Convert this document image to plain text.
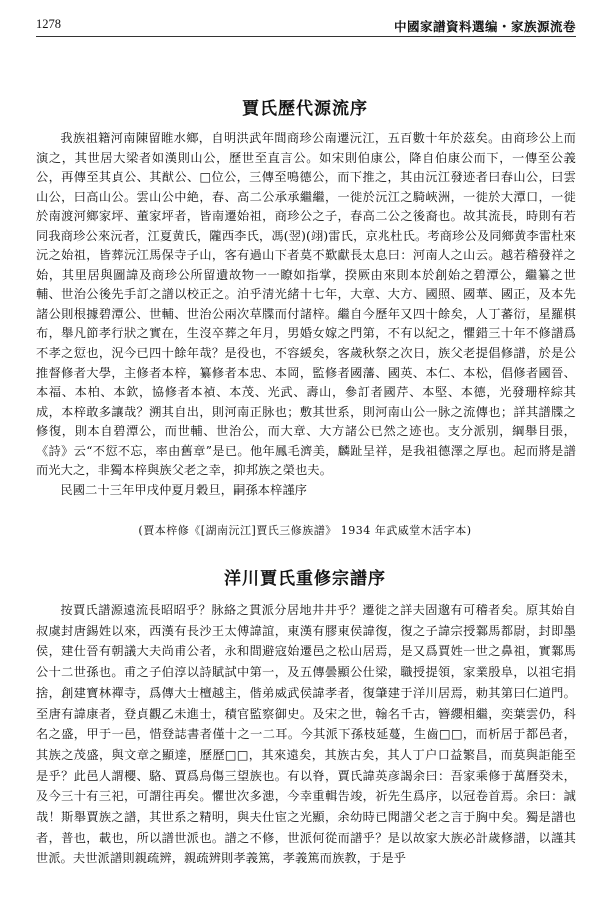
1278	中國家譜資料選编・家族源流卷
賈氏歷代源流序

我族祖籍河南陳留睢水鄉，自明洪武年間商珍公南遷沅江，五百數十年於茲矣。由商珍公上而演之，其世居大梁者如漢則山公，歷世至直言公。如宋則伯康公，降自伯康公而下，一傳至公義公，再傳至其貞公、其猷公、□位公，三傳至鳴德公，而下推之，其由沅江發迹者曰春山公，曰雲山公，曰高山公。雲山公中絶，春、高二公承承繼繼，一徙於沅江之騎峽洲，一徙於大潭口，一徙於南渡河鄉家坪、董家坪者，皆南遷始祖，商珍公之子，春高二公之後裔也。故其流長，時則有若同我商珍公來沅者，江夏黄氏，隴西李氏，馮(翌)(翊)雷氏，京兆杜氏。考商珍公及同鄉黄李雷杜來沅之始祖，皆葬沅江馬保寺子山，客有過山下者莫不歎獻長太息曰：河南人之山云。越若稽發祥之始，其里居與圖諱及商珍公所留遺故物一一瞭如指掌，揆厥由來則本於創始之碧潭公，繼纂之世輔、世治公後先手訂之譜以校正之。泊乎清光緒十七年，大章、大方、國照、國華、國正，及本先諸公則根據碧潭公、世輔、世治公兩次草牒而付諸梓。繼自今歷年又四十餘矣，人丁蕃衍，星羅棋布，舉凡節孝行狀之實在，生沒卒葬之年月，男婚女嫁之門第，不有以紀之，懼錯三十年不修譜爲不孝之愆也，況今已四十餘年哉？是役也，不容緩矣，客歲秋祭之次日，族父老提倡修譜，於是公推督修者大學，主修者本梓，纂修者本忠、本岡，監修者國藩、國英、本仁、本松，倡修者國晉、本福、本柏、本欽，協修者本禎、本茂、光武、壽山，參訂者國芹、本堅、本德，光發珊梓綜其成，本梓敢多讓哉？溯其自出，則河南正脉也；敷其世系，則河南山公一脉之流傳也；詳其譜牒之修復，則本自碧潭公，而世輔、世治公，而大章、大方諸公已然之迹也。支分派别，綱舉目張，《詩》云“不愆不忘，率由舊章”是已。他年鳳毛濟美，麟趾呈祥，是我祖德澤之厚也。起而將是譜而光大之，非獨本梓與族父老之幸，抑邦族之榮也夫。

民國二十三年甲戌仲夏月穀旦，嗣孫本梓謹序

(賈本梓修《[湖南沅江]賈氏三修族譜》 1934 年武威堂木活字本)
洋川賈氏重修宗譜序

按賈氏譜源遠流長昭昭乎？脉絡之貫派分居地井井乎？遷徙之詳夫固邈有可稽者矣。原其始自叔虞封唐錫姓以來，西漢有長沙王太傅諱誼，東漢有膠東侯諱復，復之子諱宗授鄴馬都尉，封即墨侯，建仕晉有朝議大夫尚甫公者，永和間避寇始遷邑之松山居焉，是又爲賈姓一世之鼻祖，實鄴馬公十二世孫也。甫之子伯淳以詩賦試中第一，及五傳曇顯公仕梁，職授提領，家業殷阜，以祖宅捐捨，創建寶林禪寺，爲傳大士檀越主，偕弟威武侯諱孝者，復肇建于洋川居焉，勅其第曰仁道門。至唐有諱康者，登貞觀乙未進士，積官監察御史。及宋之世，翰名千古，簪纓相繼，奕葉雲仍，科名之盛，甲于一邑，惜登誌書者僅十之一二耳。今其派下孫枝延蔓，生齒□□，而析居于都邑者，其族之茂盛，與文章之顯達，歷歷□□，其來遠矣，其族古矣，其人丁户口益繁昌，而莫與詎能至是乎？此邑人謂櫻、駱、賈爲烏傷三望族也。有以脊，賈氏諱英彦謁余曰：吾家乘修于萬曆癸未，及今三十有三祀，可謂往再矣。懼世次多漶，今幸重輯告竣，祈先生爲序，以冠卷首焉。余曰：誠哉！斯舉賈族之譜，其世系之精明，與夫仕宦之光顯，余幼時已聞譜父老之言于胸中矣。獨是譜也者，普也，載也，所以譜世派也。譜之不修，世派何從而譜乎？是以故家大族必計歲修譜，以謹其世派。夫世派譜則親疏辨，親疏辨則孝義篤，孝義篤而族教，于是乎
